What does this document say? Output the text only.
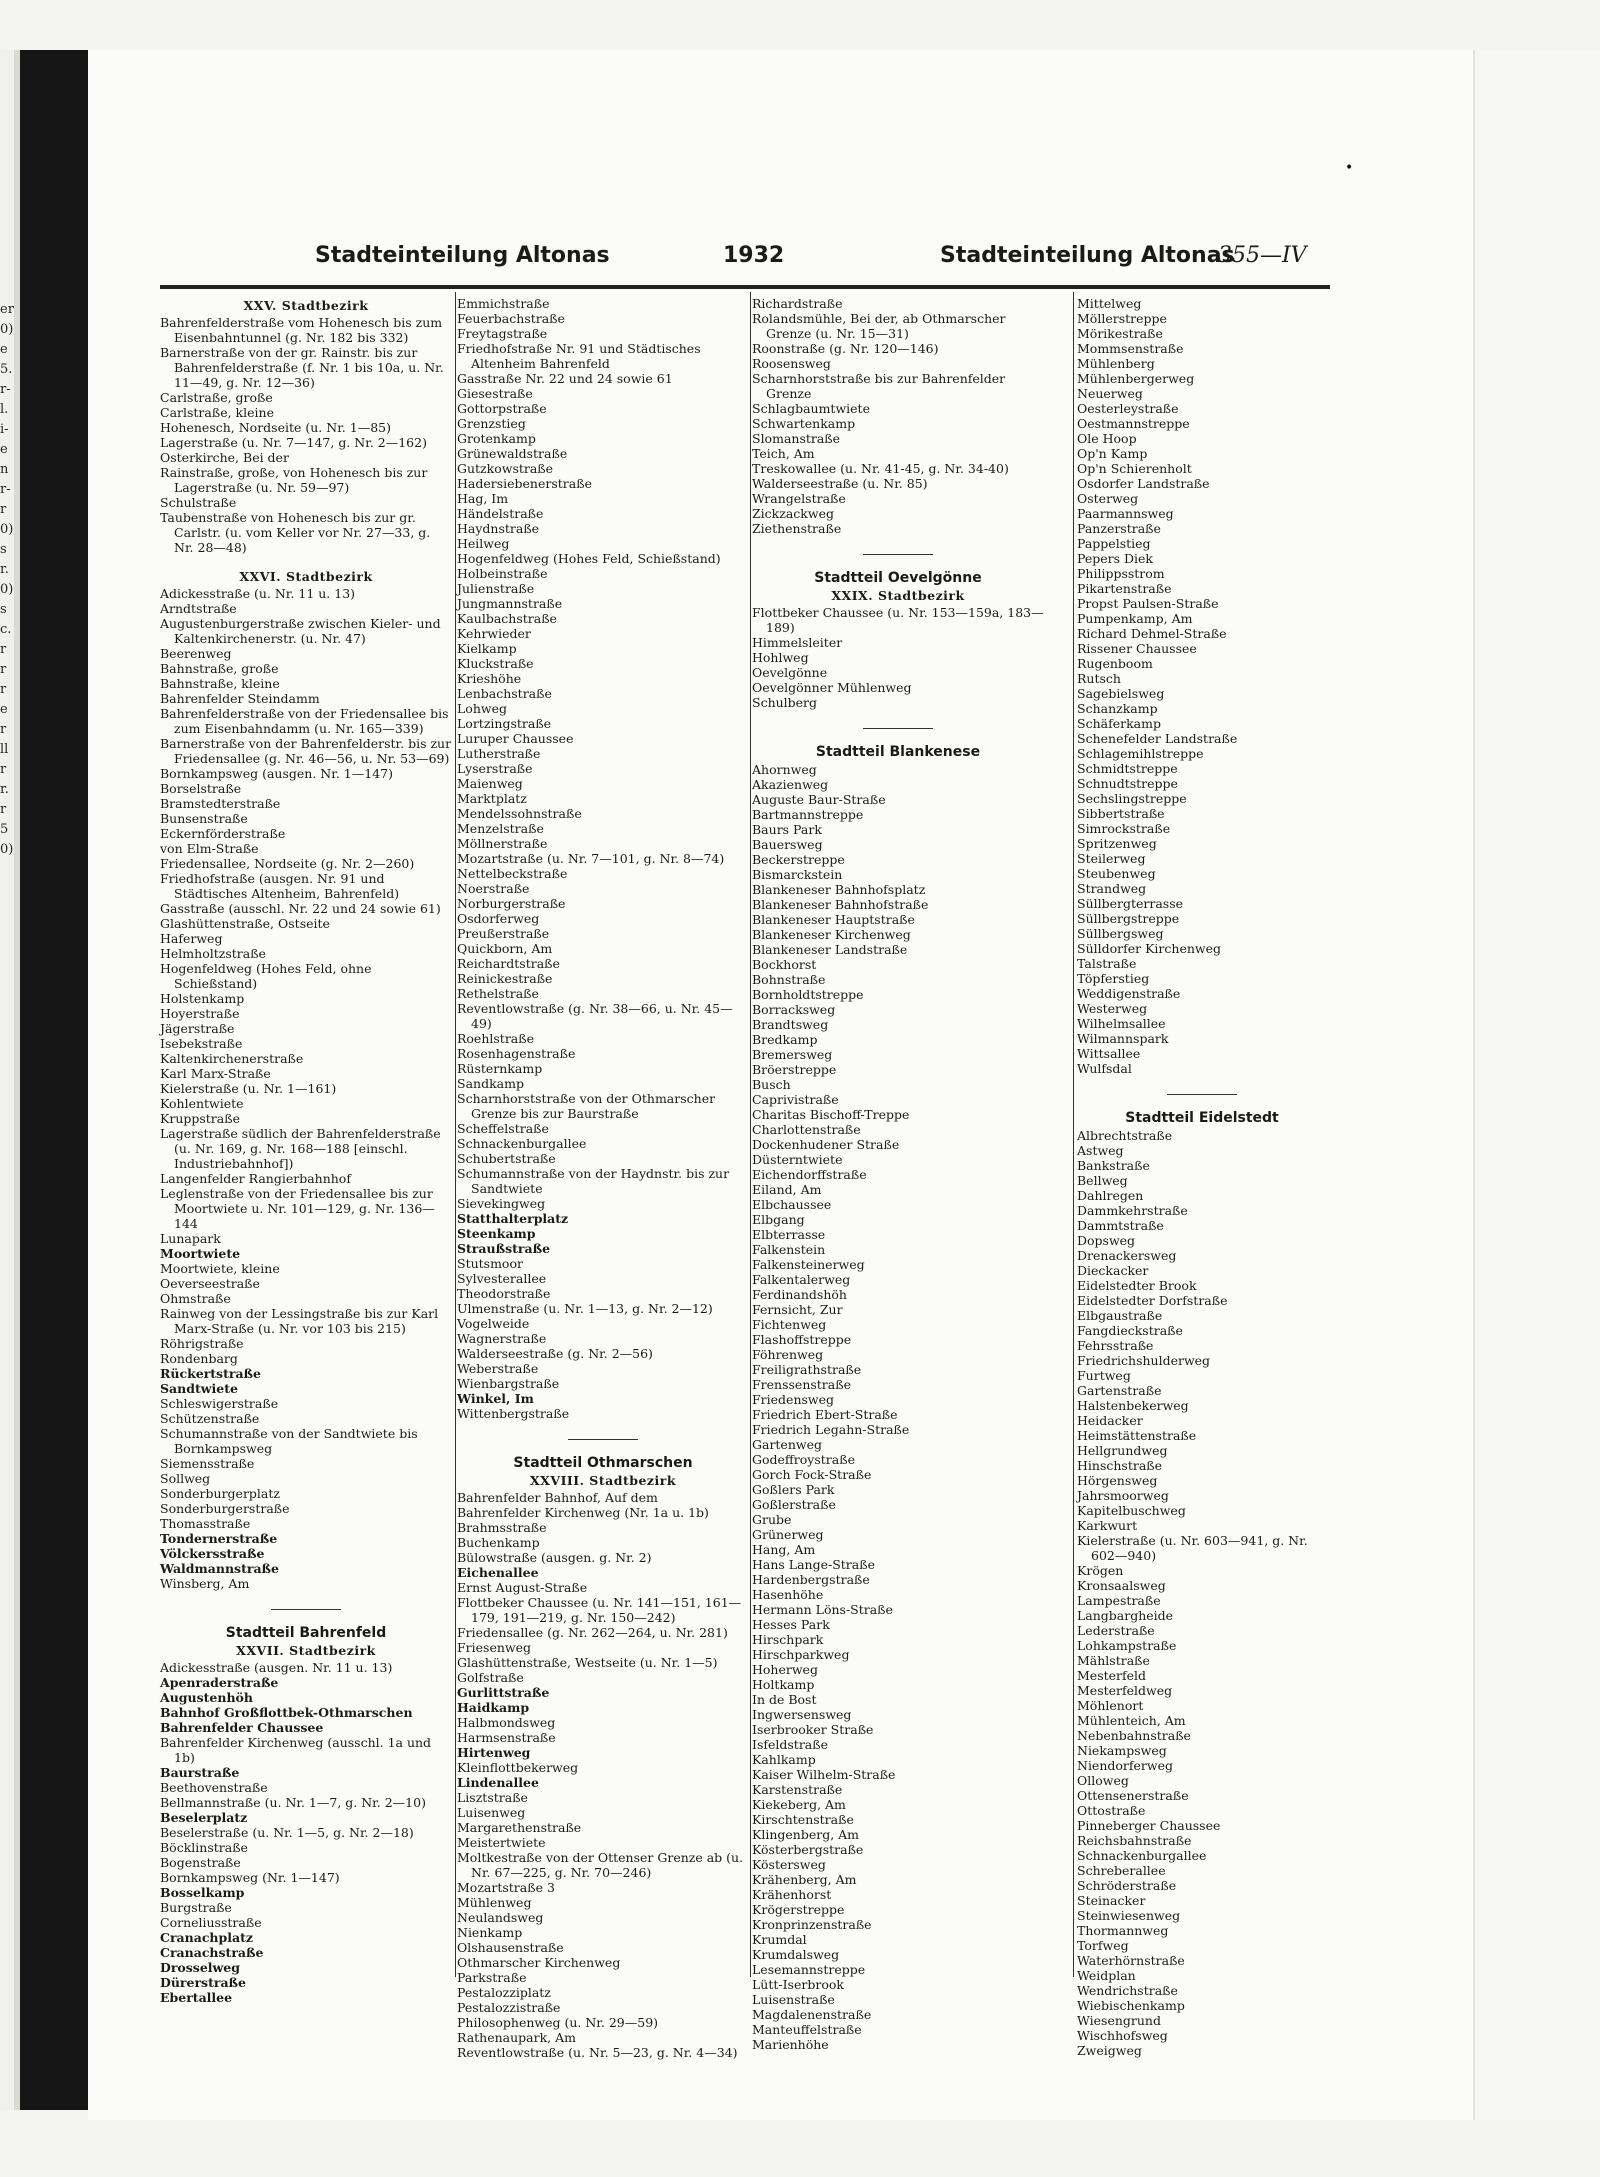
er
0)
e
5.
r-
l.
i-
e
n
r-
r
0)
s
r.
0)
s
c.
r
r
r
e
r
ll
r
r.
r
5
0)
•
Stadteinteilung Altonas	1932	Stadteinteilung Altonas
355—IV
XXV. Stadtbezirk
Bahrenfelderstraße vom Hohenesch bis zum Eisenbahntunnel (g. Nr. 182 bis 332)
Barnerstraße von der gr. Rainstr. bis zur Bahrenfelderstraße (f. Nr. 1 bis 10a, u. Nr. 11—49, g. Nr. 12—36)
Carlstraße, große
Carlstraße, kleine
Hohenesch, Nordseite (u. Nr. 1—85)
Lagerstraße (u. Nr. 7—147, g. Nr. 2—162)
Osterkirche, Bei der
Rainstraße, große, von Hohenesch bis zur Lagerstraße (u. Nr. 59—97)
Schulstraße
Taubenstraße von Hohenesch bis zur gr. Carlstr. (u. vom Keller vor Nr. 27—33, g. Nr. 28—48)
XXVI. Stadtbezirk
Adickesstraße (u. Nr. 11 u. 13)
Arndtstraße
Augustenburgerstraße zwischen Kieler- und Kaltenkirchenerstr. (u. Nr. 47)
Beerenweg
Bahnstraße, große
Bahnstraße, kleine
Bahrenfelder Steindamm
Bahrenfelderstraße von der Friedensallee bis zum Eisenbahndamm (u. Nr. 165—339)
Barnerstraße von der Bahrenfelderstr. bis zur Friedensallee (g. Nr. 46—56, u. Nr. 53—69)
Bornkampsweg (ausgen. Nr. 1—147)
Borselstraße
Bramstedterstraße
Bunsenstraße
Eckernförderstraße
von Elm-Straße
Friedensallee, Nordseite (g. Nr. 2—260)
Friedhofstraße (ausgen. Nr. 91 und Städtisches Altenheim, Bahrenfeld)
Gasstraße (ausschl. Nr. 22 und 24 sowie 61)
Glashüttenstraße, Ostseite
Haferweg
Helmholtzstraße
Hogenfeldweg (Hohes Feld, ohne Schießstand)
Holstenkamp
Hoyerstraße
Jägerstraße
Isebekstraße
Kaltenkirchenerstraße
Karl Marx-Straße
Kielerstraße (u. Nr. 1—161)
Kohlentwiete
Kruppstraße
Lagerstraße südlich der Bahrenfelderstraße (u. Nr. 169, g. Nr. 168—188 [einschl. Industriebahnhof])
Langenfelder Rangierbahnhof
Leglenstraße von der Friedensallee bis zur Moortwiete u. Nr. 101—129, g. Nr. 136—144
Lunapark
Moortwiete
Moortwiete, kleine
Oeverseestraße
Ohmstraße
Rainweg von der Lessingstraße bis zur Karl Marx-Straße (u. Nr. vor 103 bis 215)
Röhrigstraße
Rondenbarg
Rückertstraße
Sandtwiete
Schleswigerstraße
Schützenstraße
Schumannstraße von der Sandtwiete bis Bornkampsweg
Siemensstraße
Sollweg
Sonderburgerplatz
Sonderburgerstraße
Thomasstraße
Tondernerstraße
Völckersstraße
Waldmannstraße
Winsberg, Am
Stadtteil Bahrenfeld
XXVII. Stadtbezirk
Adickesstraße (ausgen. Nr. 11 u. 13)
Apenraderstraße
Augustenhöh
Bahnhof Großflottbek-Othmarschen
Bahrenfelder Chaussee
Bahrenfelder Kirchenweg (ausschl. 1a und 1b)
Baurstraße
Beethovenstraße
Bellmannstraße (u. Nr. 1—7, g. Nr. 2—10)
Beselerplatz
Beselerstraße (u. Nr. 1—5, g. Nr. 2—18)
Böcklinstraße
Bogenstraße
Bornkampsweg (Nr. 1—147)
Bosselkamp
Burgstraße
Corneliusstraße
Cranachplatz
Cranachstraße
Drosselweg
Dürerstraße
Ebertallee
Emmichstraße
Feuerbachstraße
Freytagstraße
Friedhofstraße Nr. 91 und Städtisches Altenheim Bahrenfeld
Gasstraße Nr. 22 und 24 sowie 61
Giesestraße
Gottorpstraße
Grenzstieg
Grotenkamp
Grünewaldstraße
Gutzkowstraße
Hadersiebenerstraße
Hag, Im
Händelstraße
Haydnstraße
Heilweg
Hogenfeldweg (Hohes Feld, Schießstand)
Holbeinstraße
Julienstraße
Jungmannstraße
Kaulbachstraße
Kehrwieder
Kielkamp
Kluckstraße
Krieshöhe
Lenbachstraße
Lohweg
Lortzingstraße
Luruper Chaussee
Lutherstraße
Lyserstraße
Maienweg
Marktplatz
Mendelssohnstraße
Menzelstraße
Möllnerstraße
Mozartstraße (u. Nr. 7—101, g. Nr. 8—74)
Nettelbeckstraße
Noerstraße
Norburgerstraße
Osdorferweg
Preußerstraße
Quickborn, Am
Reichardtstraße
Reinickestraße
Rethelstraße
Reventlowstraße (g. Nr. 38—66, u. Nr. 45—49)
Roehlstraße
Rosenhagenstraße
Rüsternkamp
Sandkamp
Scharnhorststraße von der Othmarscher Grenze bis zur Baurstraße
Scheffelstraße
Schnackenburgallee
Schubertstraße
Schumannstraße von der Haydnstr. bis zur Sandtwiete
Sievekingweg
Statthalterplatz
Steenkamp
Straußstraße
Stutsmoor
Sylvesterallee
Theodorstraße
Ulmenstraße (u. Nr. 1—13, g. Nr. 2—12)
Vogelweide
Wagnerstraße
Walderseestraße (g. Nr. 2—56)
Weberstraße
Wienbargstraße
Winkel, Im
Wittenbergstraße
Stadtteil Othmarschen
XXVIII. Stadtbezirk
Bahrenfelder Bahnhof, Auf dem
Bahrenfelder Kirchenweg (Nr. 1a u. 1b)
Brahmsstraße
Buchenkamp
Bülowstraße (ausgen. g. Nr. 2)
Eichenallee
Ernst August-Straße
Flottbeker Chaussee (u. Nr. 141—151, 161—179, 191—219, g. Nr. 150—242)
Friedensallee (g. Nr. 262—264, u. Nr. 281)
Friesenweg
Glashüttenstraße, Westseite (u. Nr. 1—5)
Golfstraße
Gurlittstraße
Haidkamp
Halbmondsweg
Harmsenstraße
Hirtenweg
Kleinflottbekerweg
Lindenallee
Lisztstraße
Luisenweg
Margarethenstraße
Meistertwiete
Moltkestraße von der Ottenser Grenze ab (u. Nr. 67—225, g. Nr. 70—246)
Mozartstraße 3
Mühlenweg
Neulandsweg
Nienkamp
Olshausenstraße
Othmarscher Kirchenweg
Parkstraße
Pestalozziplatz
Pestalozzistraße
Philosophenweg (u. Nr. 29—59)
Rathenaupark, Am
Reventlowstraße (u. Nr. 5—23, g. Nr. 4—34)
Richardstraße
Rolandsmühle, Bei der, ab Othmarscher Grenze (u. Nr. 15—31)
Roonstraße (g. Nr. 120—146)
Roosensweg
Scharnhorststraße bis zur Bahrenfelder Grenze
Schlagbaumtwiete
Schwartenkamp
Slomanstraße
Teich, Am
Treskowallee (u. Nr. 41-45, g. Nr. 34-40)
Walderseestraße (u. Nr. 85)
Wrangelstraße
Zickzackweg
Ziethenstraße
Stadtteil Oevelgönne
XXIX. Stadtbezirk
Flottbeker Chaussee (u. Nr. 153—159a, 183—189)
Himmelsleiter
Hohlweg
Oevelgönne
Oevelgönner Mühlenweg
Schulberg
Stadtteil Blankenese
Ahornweg
Akazienweg
Auguste Baur-Straße
Bartmannstreppe
Baurs Park
Bauersweg
Beckerstreppe
Bismarckstein
Blankeneser Bahnhofsplatz
Blankeneser Bahnhofstraße
Blankeneser Hauptstraße
Blankeneser Kirchenweg
Blankeneser Landstraße
Bockhorst
Bohnstraße
Bornholdtstreppe
Borracksweg
Brandtsweg
Bredkamp
Bremersweg
Bröerstreppe
Busch
Caprivistraße
Charitas Bischoff-Treppe
Charlottenstraße
Dockenhudener Straße
Düsterntwiete
Eichendorffstraße
Eiland, Am
Elbchaussee
Elbgang
Elbterrasse
Falkenstein
Falkensteinerweg
Falkentalerweg
Ferdinandshöh
Fernsicht, Zur
Fichtenweg
Flashoffstreppe
Föhrenweg
Freiligrathstraße
Frenssenstraße
Friedensweg
Friedrich Ebert-Straße
Friedrich Legahn-Straße
Gartenweg
Godeffroystraße
Gorch Fock-Straße
Goßlers Park
Goßlerstraße
Grube
Grünerweg
Hang, Am
Hans Lange-Straße
Hardenbergstraße
Hasenhöhe
Hermann Löns-Straße
Hesses Park
Hirschpark
Hirschparkweg
Hoherweg
Holtkamp
In de Bost
Ingwersensweg
Iserbrooker Straße
Isfeldstraße
Kahlkamp
Kaiser Wilhelm-Straße
Karstenstraße
Kiekeberg, Am
Kirschtenstraße
Klingenberg, Am
Kösterbergstraße
Köstersweg
Krähenberg, Am
Krähenhorst
Krögerstreppe
Kronprinzenstraße
Krumdal
Krumdalsweg
Lesemannstreppe
Lütt-Iserbrook
Luisenstraße
Magdalenenstraße
Manteuffelstraße
Marienhöhe
Mittelweg
Möllerstreppe
Mörikestraße
Mommsenstraße
Mühlenberg
Mühlenbergerweg
Neuerweg
Oesterleystraße
Oestmannstreppe
Ole Hoop
Op'n Kamp
Op'n Schierenholt
Osdorfer Landstraße
Osterweg
Paarmannsweg
Panzerstraße
Pappelstieg
Pepers Diek
Philippsstrom
Pikartenstraße
Propst Paulsen-Straße
Pumpenkamp, Am
Richard Dehmel-Straße
Rissener Chaussee
Rugenboom
Rutsch
Sagebielsweg
Schanzkamp
Schäferkamp
Schenefelder Landstraße
Schlagemihlstreppe
Schmidtstreppe
Schnudtstreppe
Sechslingstreppe
Sibbertstraße
Simrockstraße
Spritzenweg
Steilerweg
Steubenweg
Strandweg
Süllbergterrasse
Süllbergstreppe
Süllbergsweg
Sülldorfer Kirchenweg
Talstraße
Töpferstieg
Weddigenstraße
Westerweg
Wilhelmsallee
Wilmannspark
Wittsallee
Wulfsdal
Stadtteil Eidelstedt
Albrechtstraße
Astweg
Bankstraße
Bellweg
Dahlregen
Dammkehrstraße
Dammtstraße
Dopsweg
Drenackersweg
Dieckacker
Eidelstedter Brook
Eidelstedter Dorfstraße
Elbgaustraße
Fangdieckstraße
Fehrsstraße
Friedrichshulderweg
Furtweg
Gartenstraße
Halstenbekerweg
Heidacker
Heimstättenstraße
Hellgrundweg
Hinschstraße
Hörgensweg
Jahrsmoorweg
Kapitelbuschweg
Karkwurt
Kielerstraße (u. Nr. 603—941, g. Nr. 602—940)
Krögen
Kronsaalsweg
Lampestraße
Langbargheide
Lederstraße
Lohkampstraße
Mählstraße
Mesterfeld
Mesterfeldweg
Möhlenort
Mühlenteich, Am
Nebenbahnstraße
Niekampsweg
Niendorferweg
Olloweg
Ottensenerstraße
Ottostraße
Pinneberger Chaussee
Reichsbahnstraße
Schnackenburgallee
Schreberallee
Schröderstraße
Steinacker
Steinwiesenweg
Thormannweg
Torfweg
Waterhörnstraße
Weidplan
Wendrichstraße
Wiebischenkamp
Wiesengrund
Wischhofsweg
Zweigweg
